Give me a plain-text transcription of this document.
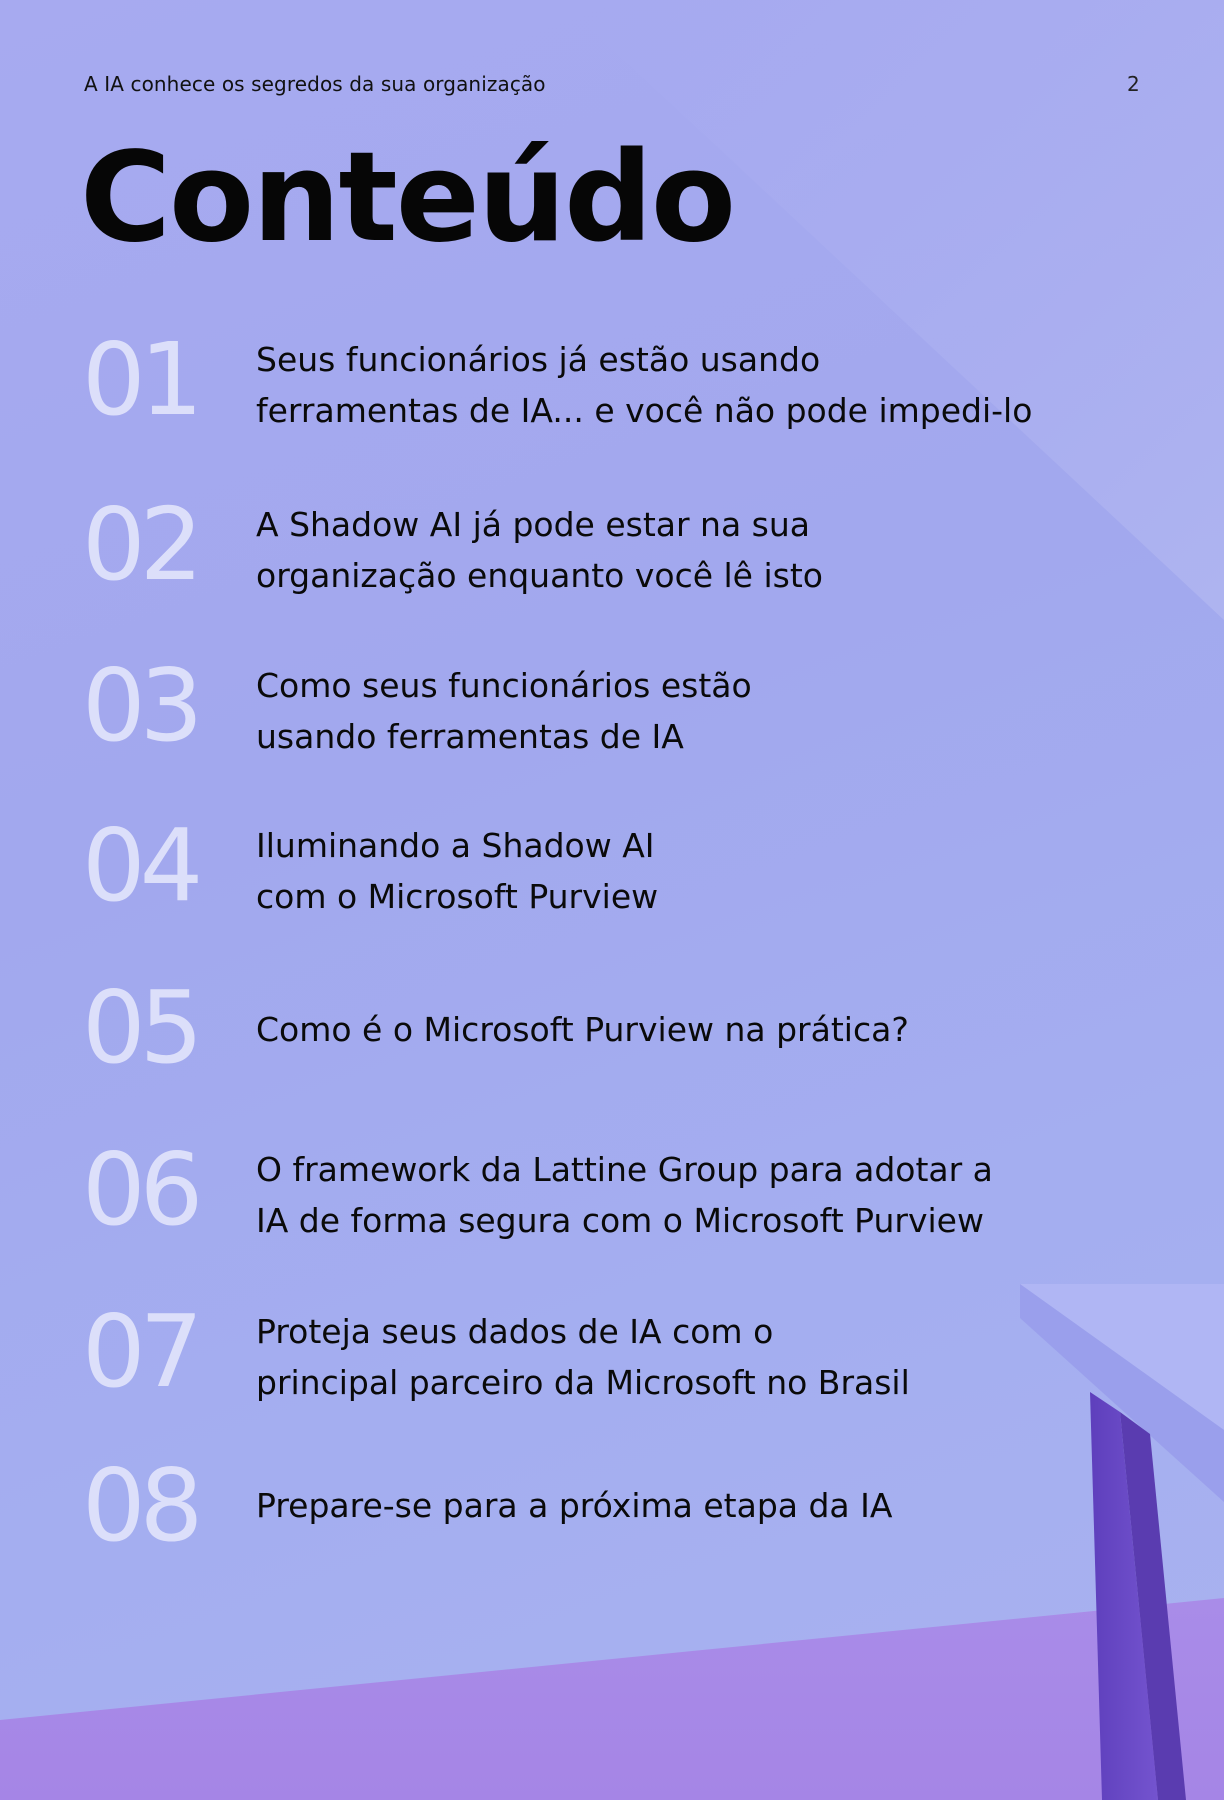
A IA conhece os segredos da sua organização	2
Conteúdo
01 Seus funcionários já estão usando
ferramentas de IA... e você não pode impedi-lo
02 A Shadow AI já pode estar na sua
organização enquanto você lê isto
03 Como seus funcionários estão
usando ferramentas de IA
04 Iluminando a Shadow AI
com o Microsoft Purview
05 Como é o Microsoft Purview na prática?
06 O framework da Lattine Group para adotar a
IA de forma segura com o Microsoft Purview
07 Proteja seus dados de IA com o
principal parceiro da Microsoft no Brasil
08 Prepare-se para a próxima etapa da IA
